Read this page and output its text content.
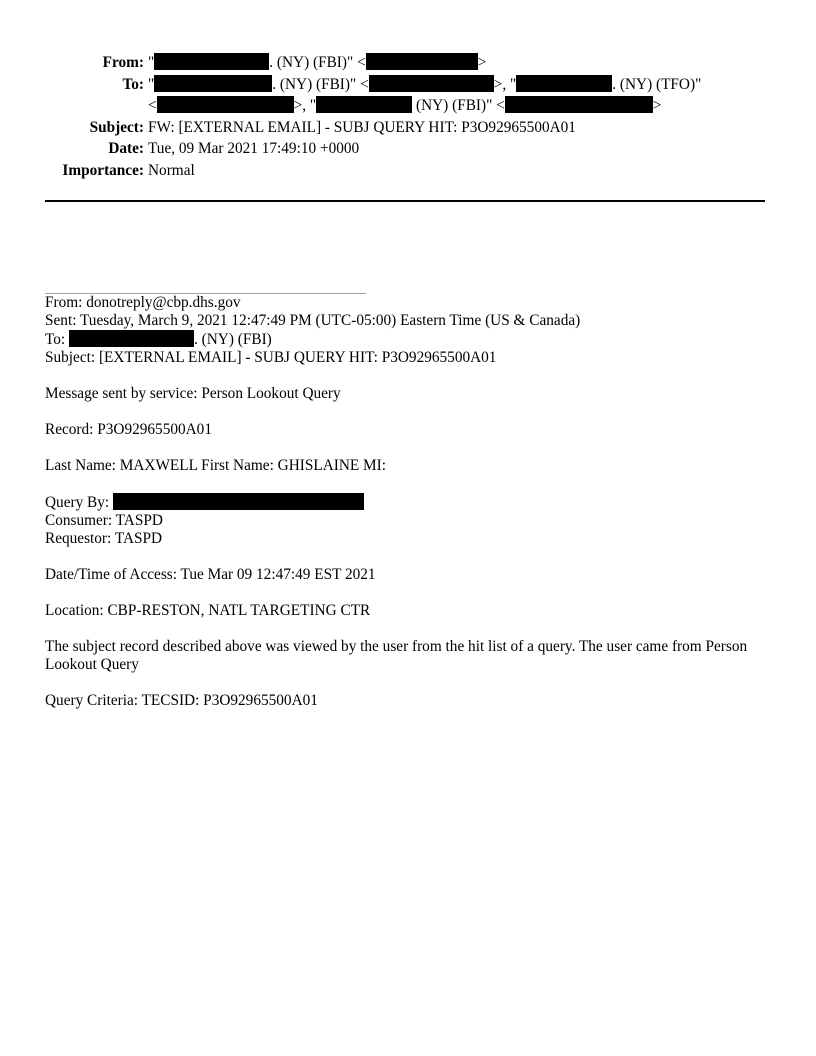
From: "	. (NY) (FBI)" <	>
To: "	. (NY) (FBI)" <	>, "	. (NY) (TFO)"
<	>, "	(NY) (FBI)" <	>
Subject: FW: [EXTERNAL EMAIL] - SUBJ QUERY HIT: P3O92965500A01
Date: Tue, 09 Mar 2021 17:49:10 +0000
Importance: Normal
From: donotreply@cbp.dhs.gov
Sent: Tuesday, March 9, 2021 12:47:49 PM (UTC-05:00) Eastern Time (US & Canada)
To:	. (NY) (FBI)
Subject: [EXTERNAL EMAIL] - SUBJ QUERY HIT: P3O92965500A01
Message sent by service: Person Lookout Query
Record: P3O92965500A01
Last Name: MAXWELL First Name: GHISLAINE MI:
Query By:
Consumer: TASPD
Requestor: TASPD
Date/Time of Access: Tue Mar 09 12:47:49 EST 2021
Location: CBP-RESTON, NATL TARGETING CTR
The subject record described above was viewed by the user from the hit list of a query. The user came from Person Lookout Query
Query Criteria: TECSID: P3O92965500A01
